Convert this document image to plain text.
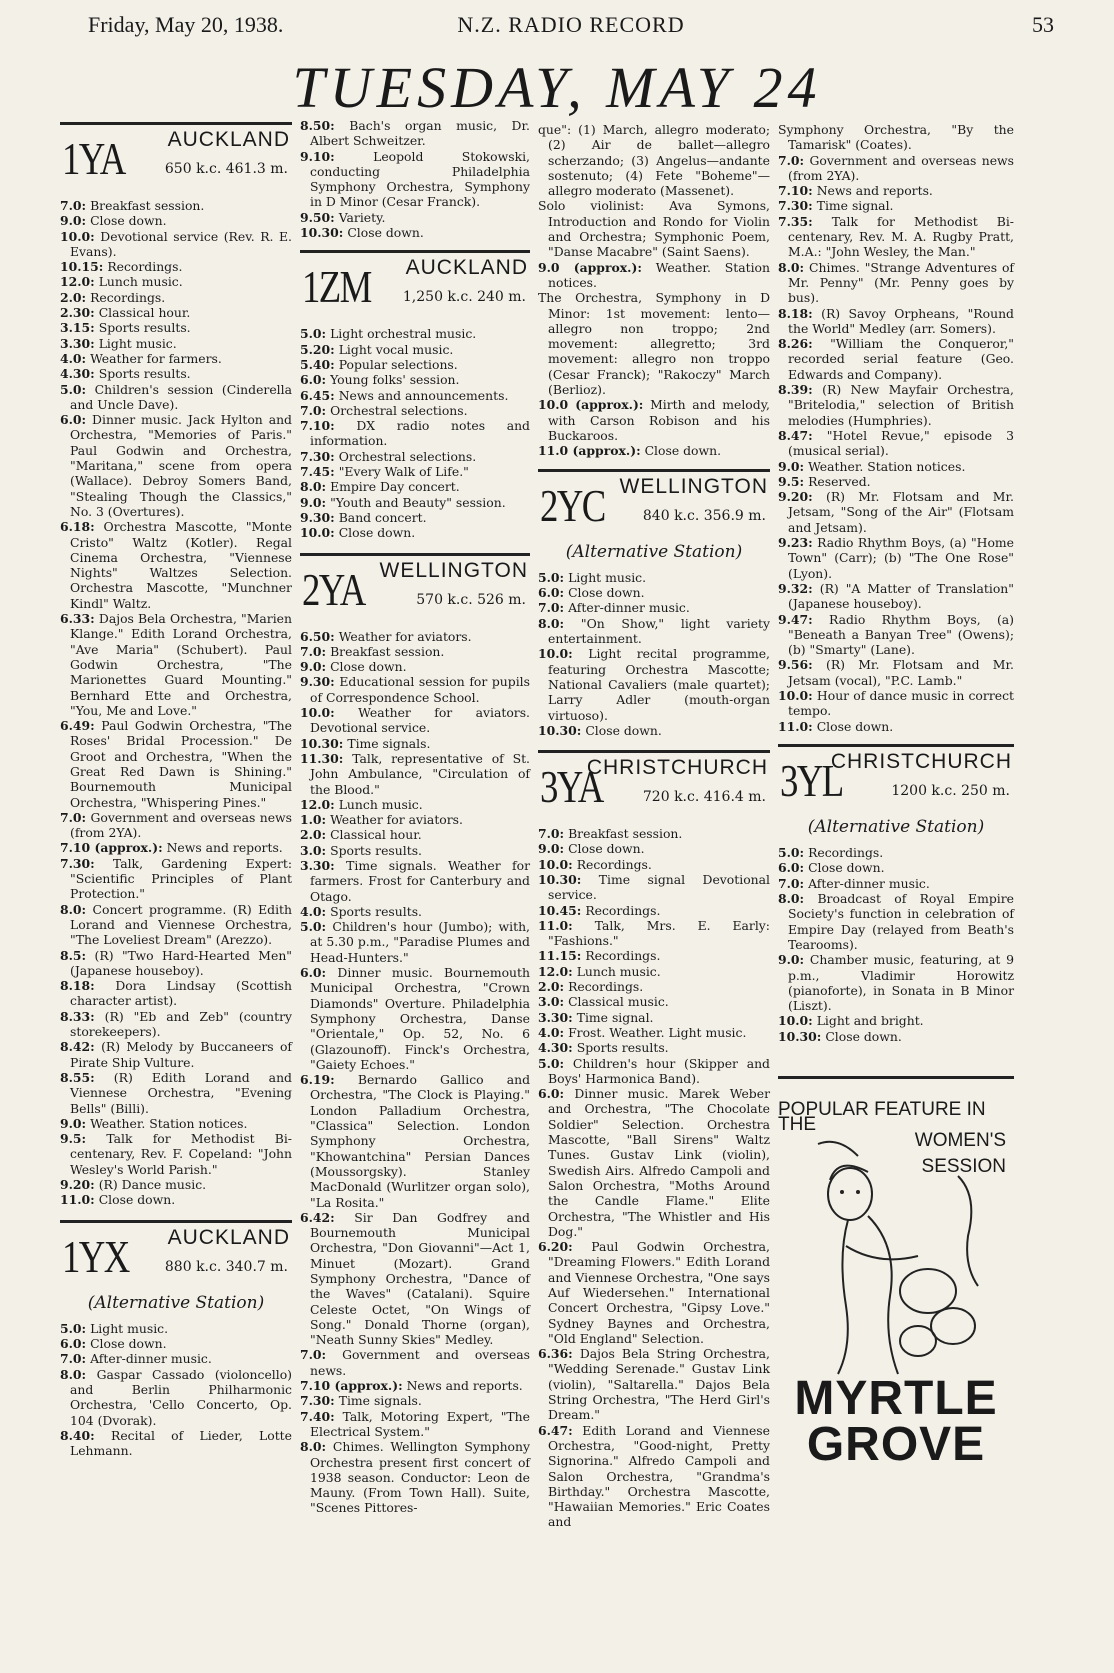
Friday, May 20, 1938.	N.Z. RADIO RECORD	53
TUESDAY, MAY 24
1YA AUCKLAND
650 k.c. 461.3 m.
7.0: Breakfast session.
9.0: Close down.
10.0: Devotional service (Rev. R. E. Evans).
10.15: Recordings.
12.0: Lunch music.
2.0: Recordings.
2.30: Classical hour.
3.15: Sports results.
3.30: Light music.
4.0: Weather for farmers.
4.30: Sports results.
5.0: Children's session (Cinderella and Uncle Dave).
6.0: Dinner music. Jack Hylton and Orchestra, "Memories of Paris." Paul Godwin and Orchestra, "Maritana," scene from opera (Wallace). Debroy Somers Band, "Stealing Though the Classics," No. 3 (Overtures).
6.18: Orchestra Mascotte, "Monte Cristo" Waltz (Kotler). Regal Cinema Orchestra, "Viennese Nights" Waltzes Selection. Orchestra Mascotte, "Munchner Kindl" Waltz.
6.33: Dajos Bela Orchestra, "Marien Klange." Edith Lorand Orchestra, "Ave Maria" (Schubert). Paul Godwin Orchestra, "The Marionettes Guard Mounting." Bernhard Ette and Orchestra, "You, Me and Love."
6.49: Paul Godwin Orchestra, "The Roses' Bridal Procession." De Groot and Orchestra, "When the Great Red Dawn is Shining." Bournemouth Municipal Orchestra, "Whispering Pines."
7.0: Government and overseas news (from 2YA).
7.10 (approx.): News and reports.
7.30: Talk, Gardening Expert: "Scientific Principles of Plant Protection."
8.0: Concert programme. (R) Edith Lorand and Viennese Orchestra, "The Loveliest Dream" (Arezzo).
8.5: (R) "Two Hard-Hearted Men" (Japanese houseboy).
8.18: Dora Lindsay (Scottish character artist).
8.33: (R) "Eb and Zeb" (country storekeepers).
8.42: (R) Melody by Buccaneers of Pirate Ship Vulture.
8.55: (R) Edith Lorand and Viennese Orchestra, "Evening Bells" (Billi).
9.0: Weather. Station notices.
9.5: Talk for Methodist Bi-centenary, Rev. F. Copeland: "John Wesley's World Parish."
9.20: (R) Dance music.
11.0: Close down.
1YX AUCKLAND
880 k.c. 340.7 m.
(Alternative Station)
5.0: Light music.
6.0: Close down.
7.0: After-dinner music.
8.0: Gaspar Cassado (violoncello) and Berlin Philharmonic Orchestra, 'Cello Concerto, Op. 104 (Dvorak).
8.40: Recital of Lieder, Lotte Lehmann.
8.50: Bach's organ music, Dr. Albert Schweitzer.
9.10: Leopold Stokowski, conducting Philadelphia Symphony Orchestra, Symphony in D Minor (Cesar Franck).
9.50: Variety.
10.30: Close down.
1ZM AUCKLAND
1,250 k.c. 240 m.
5.0: Light orchestral music.
5.20: Light vocal music.
5.40: Popular selections.
6.0: Young folks' session.
6.45: News and announcements.
7.0: Orchestral selections.
7.10: DX radio notes and information.
7.30: Orchestral selections.
7.45: "Every Walk of Life."
8.0: Empire Day concert.
9.0: "Youth and Beauty" session.
9.30: Band concert.
10.0: Close down.
2YA WELLINGTON
570 k.c. 526 m.
6.50: Weather for aviators.
7.0: Breakfast session.
9.0: Close down.
9.30: Educational session for pupils of Correspondence School.
10.0: Weather for aviators. Devotional service.
10.30: Time signals.
11.30: Talk, representative of St. John Ambulance, "Circulation of the Blood."
12.0: Lunch music.
1.0: Weather for aviators.
2.0: Classical hour.
3.0: Sports results.
3.30: Time signals. Weather for farmers. Frost for Canterbury and Otago.
4.0: Sports results.
5.0: Children's hour (Jumbo); with, at 5.30 p.m., "Paradise Plumes and Head-Hunters."
6.0: Dinner music. Bournemouth Municipal Orchestra, "Crown Diamonds" Overture. Philadelphia Symphony Orchestra, Danse "Orientale," Op. 52, No. 6 (Glazounoff). Finck's Orchestra, "Gaiety Echoes."
6.19: Bernardo Gallico and Orchestra, "The Clock is Playing." London Palladium Orchestra, "Classica" Selection. London Symphony Orchestra, "Khowantchina" Persian Dances (Moussorgsky). Stanley MacDonald (Wurlitzer organ solo), "La Rosita."
6.42: Sir Dan Godfrey and Bournemouth Municipal Orchestra, "Don Giovanni"—Act 1, Minuet (Mozart). Grand Symphony Orchestra, "Dance of the Waves" (Catalani). Squire Celeste Octet, "On Wings of Song." Donald Thorne (organ), "Neath Sunny Skies" Medley.
7.0: Government and overseas news.
7.10 (approx.): News and reports.
7.30: Time signals.
7.40: Talk, Motoring Expert, "The Electrical System."
8.0: Chimes. Wellington Symphony Orchestra present first concert of 1938 season. Conductor: Leon de Mauny. (From Town Hall). Suite, "Scenes Pittores-
que": (1) March, allegro moderato; (2) Air de ballet—allegro scherzando; (3) Angelus—andante sostenuto; (4) Fete "Boheme"—allegro moderato (Massenet).
Solo violinist: Ava Symons, Introduction and Rondo for Violin and Orchestra; Symphonic Poem, "Danse Macabre" (Saint Saens).
9.0 (approx.): Weather. Station notices.
The Orchestra, Symphony in D Minor: 1st movement: lento—allegro non troppo; 2nd movement: allegretto; 3rd movement: allegro non troppo (Cesar Franck); "Rakoczy" March (Berlioz).
10.0 (approx.): Mirth and melody, with Carson Robison and his Buckaroos.
11.0 (approx.): Close down.
2YC WELLINGTON
840 k.c. 356.9 m.
(Alternative Station)
5.0: Light music.
6.0: Close down.
7.0: After-dinner music.
8.0: "On Show," light variety entertainment.
10.0: Light recital programme, featuring Orchestra Mascotte; National Cavaliers (male quartet); Larry Adler (mouth-organ virtuoso).
10.30: Close down.
3YA
CHRISTCHURCH
720 k.c. 416.4 m.
7.0: Breakfast session.
9.0: Close down.
10.0: Recordings.
10.30: Time signal Devotional service.
10.45: Recordings.
11.0: Talk, Mrs. E. Early: "Fashions."
11.15: Recordings.
12.0: Lunch music.
2.0: Recordings.
3.0: Classical music.
3.30: Time signal.
4.0: Frost. Weather. Light music.
4.30: Sports results.
5.0: Children's hour (Skipper and Boys' Harmonica Band).
6.0: Dinner music. Marek Weber and Orchestra, "The Chocolate Soldier" Selection. Orchestra Mascotte, "Ball Sirens" Waltz Tunes. Gustav Link (violin), Swedish Airs. Alfredo Campoli and Salon Orchestra, "Moths Around the Candle Flame." Elite Orchestra, "The Whistler and His Dog."
6.20: Paul Godwin Orchestra, "Dreaming Flowers." Edith Lorand and Viennese Orchestra, "One says Auf Wiedersehen." International Concert Orchestra, "Gipsy Love." Sydney Baynes and Orchestra, "Old England" Selection.
6.36: Dajos Bela String Orchestra, "Wedding Serenade." Gustav Link (violin), "Saltarella." Dajos Bela String Orchestra, "The Herd Girl's Dream."
6.47: Edith Lorand and Viennese Orchestra, "Good-night, Pretty Signorina." Alfredo Campoli and Salon Orchestra, "Grandma's Birthday." Orchestra Mascotte, "Hawaiian Memories." Eric Coates and
Symphony Orchestra, "By the Tamarisk" (Coates).
7.0: Government and overseas news (from 2YA).
7.10: News and reports.
7.30: Time signal.
7.35: Talk for Methodist Bi-centenary, Rev. M. A. Rugby Pratt, M.A.: "John Wesley, the Man."
8.0: Chimes. "Strange Adventures of Mr. Penny" (Mr. Penny goes by bus).
8.18: (R) Savoy Orpheans, "Round the World" Medley (arr. Somers).
8.26: "William the Conqueror," recorded serial feature (Geo. Edwards and Company).
8.39: (R) New Mayfair Orchestra, "Britelodia," selection of British melodies (Humphries).
8.47: "Hotel Revue," episode 3 (musical serial).
9.0: Weather. Station notices.
9.5: Reserved.
9.20: (R) Mr. Flotsam and Mr. Jetsam, "Song of the Air" (Flotsam and Jetsam).
9.23: Radio Rhythm Boys, (a) "Home Town" (Carr); (b) "The One Rose" (Lyon).
9.32: (R) "A Matter of Translation" (Japanese houseboy).
9.47: Radio Rhythm Boys, (a) "Beneath a Banyan Tree" (Owens); (b) "Smarty" (Lane).
9.56: (R) Mr. Flotsam and Mr. Jetsam (vocal), "P.C. Lamb."
10.0: Hour of dance music in correct tempo.
11.0: Close down.
3YL
CHRISTCHURCH
1200 k.c. 250 m.
(Alternative Station)
5.0: Recordings.
6.0: Close down.
7.0: After-dinner music.
8.0: Broadcast of Royal Empire Society's function in celebration of Empire Day (relayed from Beath's Tearooms).
9.0: Chamber music, featuring, at 9 p.m., Vladimir Horowitz (pianoforte), in Sonata in B Minor (Liszt).
10.0: Light and bright.
10.30: Close down.
POPULAR FEATURE IN THE
WOMEN'S
SESSION
MYRTLE
GROVE
